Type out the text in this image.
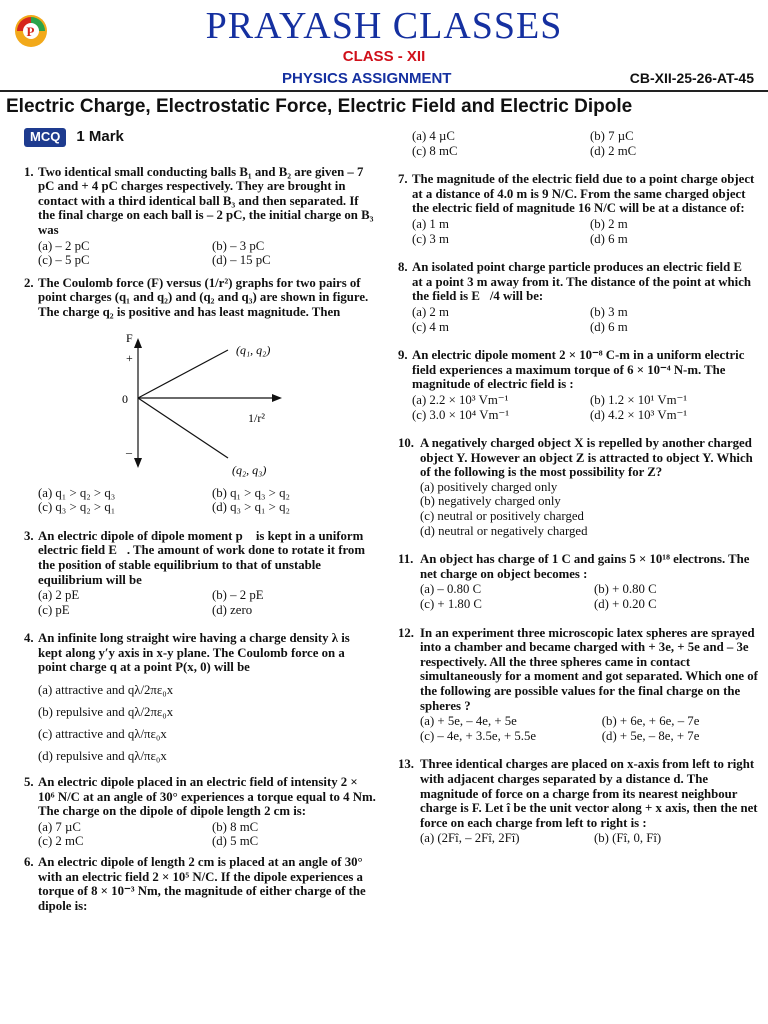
P	PRAYASH CLASSES
CLASS - XII
PHYSICS ASSIGNMENT	CB-XII-25-26-AT-45
Electric Charge, Electrostatic Force, Electric Field and Electric Dipole
MCQ	1 Mark
1. Two identical small conducting balls B₁ and B₂ are given – 7 pC and + 4 pC charges respectively. They are brought in contact with a third identical ball B₃ and then separated. If the final charge on each ball is – 2 pC, the initial charge on B₃ was
(a) – 2 pC	(b) – 3 pC
(c) – 5 pC	(d) – 15 pC
2. The Coulomb force (F) versus (1/r²) graphs for two pairs of point charges (q₁ and q₂) and (q₂ and q₃) are shown in figure. The charge q₂ is positive and has least magnitude. Then
F
+
0
–
1/r²
(q₁, q₂)
(q₂, q₃)
(a) q₁ > q₂ > q₃	(b) q₁ > q₃ > q₂
(c) q₃ > q₂ > q₁	(d) q₃ > q₁ > q₂
3. An electric dipole of dipole moment p⃗ is kept in a uniform electric field E⃗. The amount of work done to rotate it from the position of stable equilibrium to that of unstable equilibrium will be
(a) 2 pE	(b) – 2 pE
(c) pE	(d) zero
4. An infinite long straight wire having a charge density λ is kept along y′y axis in x-y plane. The Coulomb force on a point charge q at a point P(x, 0) will be
(a) attractive and qλ/2πε₀x
(b) repulsive and qλ/2πε₀x
(c) attractive and qλ/πε₀x
(d) repulsive and qλ/πε₀x
5. An electric dipole placed in an electric field of intensity 2 × 10⁶ N/C at an angle of 30° experiences a torque equal to 4 Nm. The charge on the dipole of dipole length 2 cm is:
(a) 7 µC	(b) 8 mC
(c) 2 mC	(d) 5 mC
6. An electric dipole of length 2 cm is placed at an angle of 30° with an electric field 2 × 10⁵ N/C. If the dipole experiences a torque of 8 × 10⁻³ Nm, the magnitude of either charge of the dipole is:
(a) 4 µC	(b) 7 µC
(c) 8 mC	(d) 2 mC
7. The magnitude of the electric field due to a point charge object at a distance of 4.0 m is 9 N/C. From the same charged object the electric field of magnitude 16 N/C will be at a distance of:
(a) 1 m	(b) 2 m
(c) 3 m	(d) 6 m
8. An isolated point charge particle produces an electric field E⃗ at a point 3 m away from it. The distance of the point at which the field is E⃗/4 will be:
(a) 2 m	(b) 3 m
(c) 4 m	(d) 6 m
9. An electric dipole moment 2 × 10⁻⁸ C-m in a uniform electric field experiences a maximum torque of 6 × 10⁻⁴ N-m. The magnitude of electric field is :
(a) 2.2 × 10³ Vm⁻¹	(b) 1.2 × 10¹ Vm⁻¹
(c) 3.0 × 10⁴ Vm⁻¹	(d) 4.2 × 10³ Vm⁻¹
10. A negatively charged object X is repelled by another charged object Y. However an object Z is attracted to object Y. Which of the following is the most possibility for Z?
(a) positively charged only
(b) negatively charged only
(c) neutral or positively charged
(d) neutral or negatively charged
11. An object has charge of 1 C and gains 5 × 10¹⁸ electrons. The net charge on object becomes :
(a) – 0.80 C	(b) + 0.80 C
(c) + 1.80 C	(d) + 0.20 C
12. In an experiment three microscopic latex spheres are sprayed into a chamber and became charged with + 3e, + 5e and – 3e respectively. All the three spheres came in contact simultaneously for a moment and got separated. Which one of the following are possible values for the final charge on the spheres ?
(a) + 5e, – 4e, + 5e	(b) + 6e, + 6e, – 7e
(c) – 4e, + 3.5e, + 5.5e	(d) + 5e, – 8e, + 7e
13. Three identical charges are placed on x-axis from left to right with adjacent charges separated by a distance d. The magnitude of force on a charge from its nearest neighbour charge is F. Let î be the unit vector along + x axis, then the net force on each charge from left to right is :
(a) (2Fî, – 2Fî, 2Fî)	(b) (Fî, 0, Fî)
